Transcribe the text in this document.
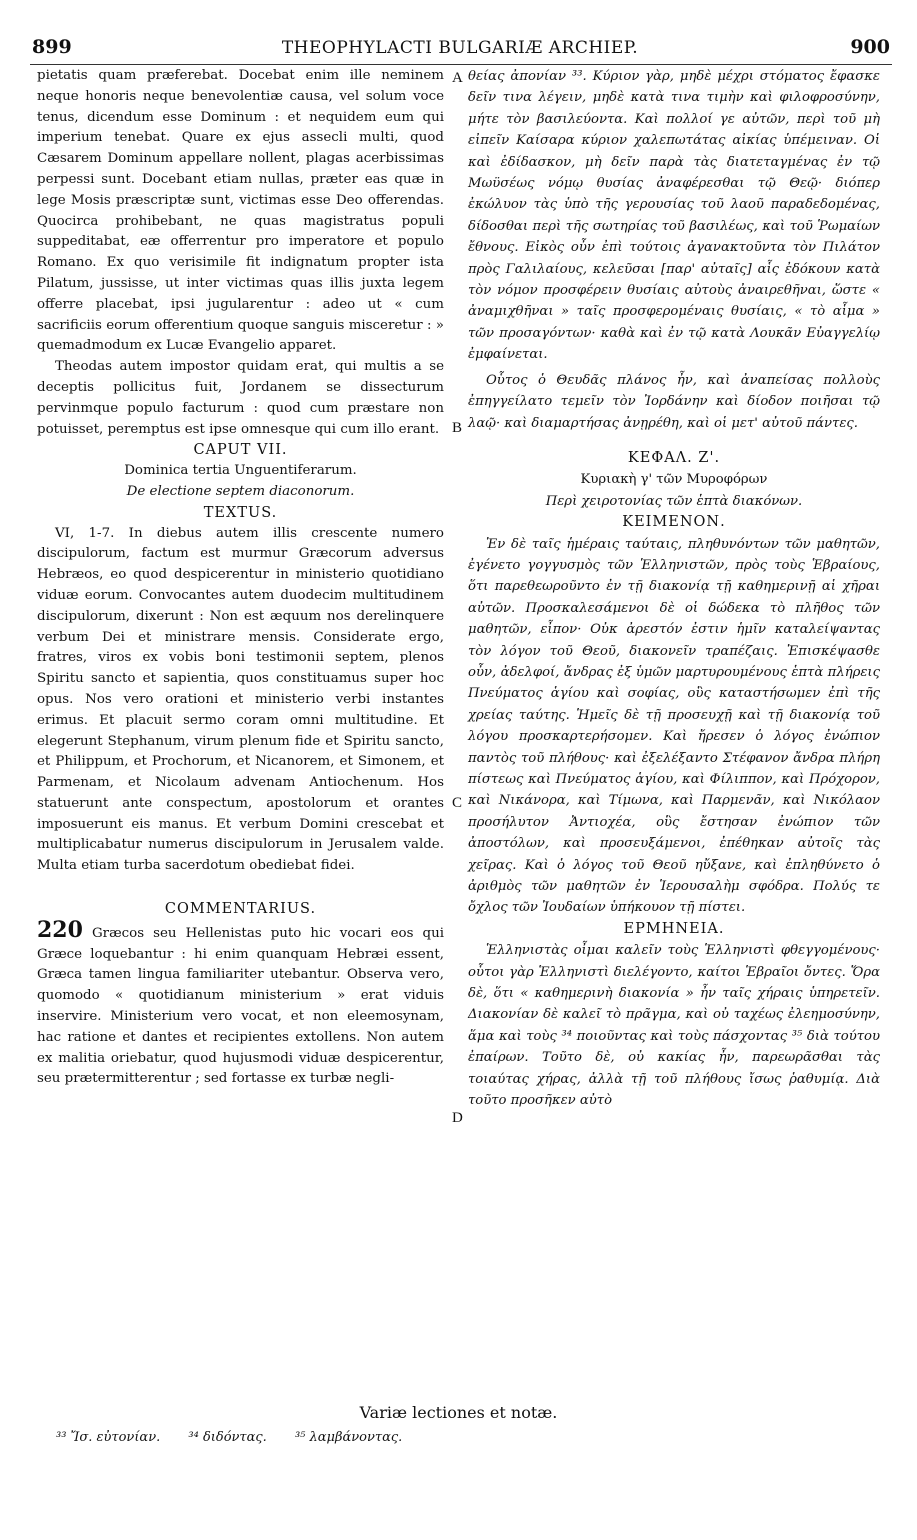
899	THEOPHYLACTI BULGARIÆ ARCHIEP.	900
A
B
C
D

pietatis quam præferebat. Docebat enim ille neminem neque honoris neque benevolentiæ causa, vel solum voce tenus, dicendum esse Dominum : et nequidem eum qui imperium tenebat. Quare ex ejus assecli multi, quod Cæsarem Dominum appellare nollent, plagas acerbissimas perpessi sunt. Docebant etiam nullas, præter eas quæ in lege Mosis præscriptæ sunt, victimas esse Deo offerendas. Quocirca prohibebant, ne quas magistratus populi suppeditabat, eæ offerrentur pro imperatore et populo Romano. Ex quo verisimile fit indignatum propter ista Pilatum, jussisse, ut inter victimas quas illis juxta legem offerre placebat, ipsi jugularentur : adeo ut « cum sacrificiis eorum offerentium quoque sanguis misceretur : » quemadmodum ex Lucæ Evangelio apparet.

Theodas autem impostor quidam erat, qui multis a se deceptis pollicitus fuit, Jordanem se dissecturum pervinmque populo facturum : quod cum præstare non potuisset, peremptus est ipse omnesque qui cum illo erant.

CAPUT VII.

Dominica tertia Unguentiferarum.

De electione septem diaconorum.

TEXTUS.

VI, 1-7. In diebus autem illis crescente numero discipulorum, factum est murmur Græcorum adversus Hebræos, eo quod despicerentur in ministerio quotidiano viduæ eorum. Convocantes autem duodecim multitudinem discipulorum, dixerunt : Non est æquum nos derelinquere verbum Dei et ministrare mensis. Considerate ergo, fratres, viros ex vobis boni testimonii septem, plenos Spiritu sancto et sapientia, quos constituamus super hoc opus. Nos vero orationi et ministerio verbi instantes erimus. Et placuit sermo coram omni multitudine. Et elegerunt Stephanum, virum plenum fide et Spiritu sancto, et Philippum, et Prochorum, et Nicanorem, et Simonem, et Parmenam, et Nicolaum advenam Antiochenum. Hos statuerunt ante conspectum, apostolorum et orantes imposuerunt eis manus. Et verbum Domini crescebat et multiplicabatur numerus discipulorum in Jerusalem valde. Multa etiam turba sacerdotum obediebat fidei.

COMMENTARIUS.

220 Græcos seu Hellenistas puto hic vocari eos qui Græce loquebantur : hi enim quanquam Hebræi essent, Græca tamen lingua familiariter utebantur. Observa vero, quomodo « quotidianum ministerium » erat viduis inservire. Ministerium vero vocat, et non eleemosynam, hac ratione et dantes et recipientes extollens. Non autem ex malitia oriebatur, quod hujusmodi viduæ despicerentur, seu prætermitterentur ; sed fortasse ex turbæ negli-

θείας ἀπονίαν ³³. Κύριον γὰρ, μηδὲ μέχρι στόματος ἔφασκε δεῖν τινα λέγειν, μηδὲ κατὰ τινα τιμὴν καὶ φιλοφροσύνην, μήτε τὸν βασιλεύοντα. Καὶ πολλοί γε αὐτῶν, περὶ τοῦ μὴ εἰπεῖν Καίσαρα κύριον χαλεπωτάτας αἰκίας ὑπέμειναν. Οἱ καὶ ἐδίδασκον, μὴ δεῖν παρὰ τὰς διατεταγμένας ἐν τῷ Μωϋσέως νόμῳ θυσίας ἀναφέρεσθαι τῷ Θεῷ· διόπερ ἐκώλυον τὰς ὑπὸ τῆς γερουσίας τοῦ λαοῦ παραδεδομένας, δίδοσθαι περὶ τῆς σωτηρίας τοῦ βασιλέως, καὶ τοῦ Ῥωμαίων ἔθνους. Εἰκὸς οὖν ἐπὶ τούτοις ἀγανακτοῦντα τὸν Πιλάτον πρὸς Γαλιλαίους, κελεῦσαι [παρ' αὐταῖς] αἷς ἐδόκουν κατὰ τὸν νόμον προσφέρειν θυσίαις αὐτοὺς ἀναιρεθῆναι, ὥστε « ἀναμιχθῆναι » ταῖς προσφερομέναις θυσίαις, « τὸ αἷμα » τῶν προσαγόντων· καθὰ καὶ ἐν τῷ κατὰ Λουκᾶν Εὐαγγελίῳ ἐμφαίνεται.

Οὗτος ὁ Θευδᾶς πλάνος ἦν, καὶ ἀναπείσας πολλοὺς ἐπηγγείλατο τεμεῖν τὸν Ἰορδάνην καὶ δίοδον ποιῆσαι τῷ λαῷ· καὶ διαμαρτήσας ἀνῃρέθη, καὶ οἱ μετ' αὐτοῦ πάντες.

ΚΕΦΑΛ. Ζ'.

Κυριακὴ γ' τῶν Μυροφόρων

Περὶ χειροτονίας τῶν ἑπτὰ διακόνων.

ΚΕΙΜΕΝΟΝ.

Ἐν δὲ ταῖς ἡμέραις ταύταις, πληθυνόντων τῶν μαθητῶν, ἐγένετο γογγυσμὸς τῶν Ἑλληνιστῶν, πρὸς τοὺς Ἑβραίους, ὅτι παρεθεωροῦντο ἐν τῇ διακονίᾳ τῇ καθημερινῇ αἱ χῆραι αὐτῶν. Προσκαλεσάμενοι δὲ οἱ δώδεκα τὸ πλῆθος τῶν μαθητῶν, εἶπον· Οὐκ ἀρεστόν ἐστιν ἡμῖν καταλείψαντας τὸν λόγον τοῦ Θεοῦ, διακονεῖν τραπέζαις. Ἐπισκέψασθε οὖν, ἀδελφοί, ἄνδρας ἐξ ὑμῶν μαρτυρουμένους ἑπτὰ πλήρεις Πνεύματος ἁγίου καὶ σοφίας, οὓς καταστήσωμεν ἐπὶ τῆς χρείας ταύτης. Ἡμεῖς δὲ τῇ προσευχῇ καὶ τῇ διακονίᾳ τοῦ λόγου προσκαρτερήσομεν. Καὶ ἤρεσεν ὁ λόγος ἐνώπιον παντὸς τοῦ πλήθους· καὶ ἐξελέξαντο Στέφανον ἄνδρα πλήρη πίστεως καὶ Πνεύματος ἁγίου, καὶ Φίλιππον, καὶ Πρόχορον, καὶ Νικάνορα, καὶ Τίμωνα, καὶ Παρμενᾶν, καὶ Νικόλαον προσήλυτον Ἀντιοχέα, οὓς ἔστησαν ἐνώπιον τῶν ἀποστόλων, καὶ προσευξάμενοι, ἐπέθηκαν αὐτοῖς τὰς χεῖρας. Καὶ ὁ λόγος τοῦ Θεοῦ ηὔξανε, καὶ ἐπληθύνετο ὁ ἀριθμὸς τῶν μαθητῶν ἐν Ἱερουσαλὴμ σφόδρα. Πολύς τε ὄχλος τῶν Ἰουδαίων ὑπήκουον τῇ πίστει.

ΕΡΜΗΝΕΙΑ.

Ἑλληνιστὰς οἶμαι καλεῖν τοὺς Ἑλληνιστὶ φθεγγομένους· οὗτοι γὰρ Ἑλληνιστὶ διελέγοντο, καίτοι Ἑβραῖοι ὄντες. Ὅρα δὲ, ὅτι « καθημερινὴ διακονία » ἦν ταῖς χήραις ὑπηρετεῖν. Διακονίαν δὲ καλεῖ τὸ πρᾶγμα, καὶ οὐ ταχέως ἐλεημοσύνην, ἅμα καὶ τοὺς ³⁴ ποιοῦντας καὶ τοὺς πάσχοντας ³⁵ διὰ τούτου ἐπαίρων. Τοῦτο δὲ, οὐ κακίας ἦν, παρεωρᾶσθαι τὰς τοιαύτας χήρας, ἀλλὰ τῇ τοῦ πλήθους ἴσως ῥαθυμίᾳ. Διὰ τοῦτο προσῆκεν αὐτὸ

Variæ lectiones et notæ.

³³ Ἴσ. εὐτονίαν. ³⁴ διδόντας. ³⁵ λαμβάνοντας.
